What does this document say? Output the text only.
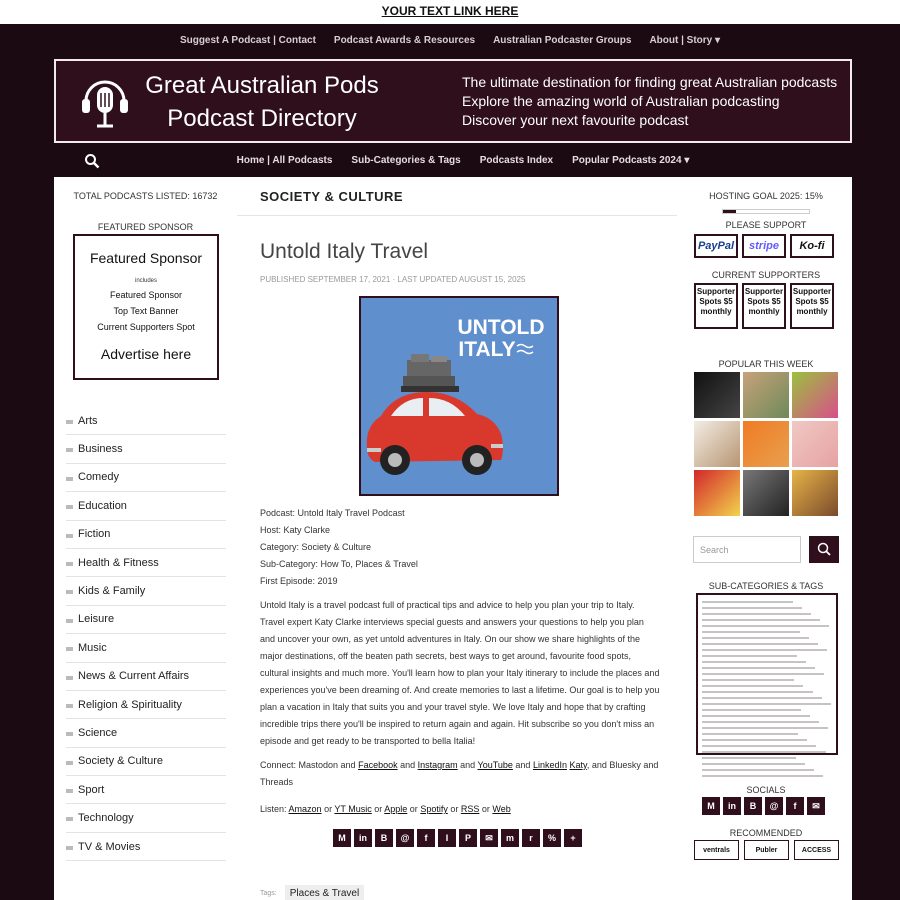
YOUR TEXT LINK HERE
Suggest A Podcast | Contact Podcast Awards & Resources Australian Podcaster Groups About | Story ▾
Great Australian Pods
Podcast Directory
The ultimate destination for finding great Australian podcasts
Explore the amazing world of Australian podcasting
Discover your next favourite podcast
Home | All Podcasts Sub-Categories & Tags Podcasts Index Popular Podcasts 2024 ▾
TOTAL PODCASTS LISTED: 16732
FEATURED SPONSOR
Featured Sponsor
includes
Featured Sponsor
Top Text Banner
Current Supporters Spot
Advertise here
Arts
Business
Comedy
Education
Fiction
Health & Fitness
Kids & Family
Leisure
Music
News & Current Affairs
Religion & Spirituality
Science
Society & Culture
Sport
Technology
TV & Movies
SOCIETY & CULTURE
Untold Italy Travel
PUBLISHED SEPTEMBER 17, 2021 · LAST UPDATED AUGUST 15, 2025
UNTOLD
ITALY
Podcast: Untold Italy Travel Podcast
Host: Katy Clarke
Category: Society & Culture
Sub-Category: How To, Places & Travel
First Episode: 2019

Untold Italy is a travel podcast full of practical tips and advice to help you plan your trip to Italy. Travel expert Katy Clarke interviews special guests and answers your questions to help you plan and uncover your own, as yet untold adventures in Italy. On our show we share highlights of the major destinations, off the beaten path secrets, best ways to get around, favourite food spots, cultural insights and much more. You'll learn how to plan your Italy itinerary to include the places and experiences you've been dreaming of. And create memories to last a lifetime. Our goal is to help you plan a vacation in Italy that suits you and your travel style. We love Italy and hope that by crafting incredible trips there you'll be inspired to return again and again. Hit subscribe so you don't miss an episode and get ready to be transported to bella Italia!

Connect: Mastodon and Facebook and Instagram and YouTube and LinkedIn Katy, and Bluesky and Threads

Listen: Amazon or YT Music or Apple or Spotify or RSS or Web

M	in	B	@	f	I	P	✉	m	r	%	+
Tags:	Places & Travel
HOSTING GOAL 2025: 15%
PLEASE SUPPORT
PayPal	stripe	Ko-fi
CURRENT SUPPORTERS
Supporter Spots $5 monthly
Supporter Spots $5 monthly
Supporter Spots $5 monthly
POPULAR THIS WEEK
Search
SUB-CATEGORIES & TAGS
SOCIALS
M	in	B	@	f	✉
RECOMMENDED
ventrals	Publer	ACCESS
